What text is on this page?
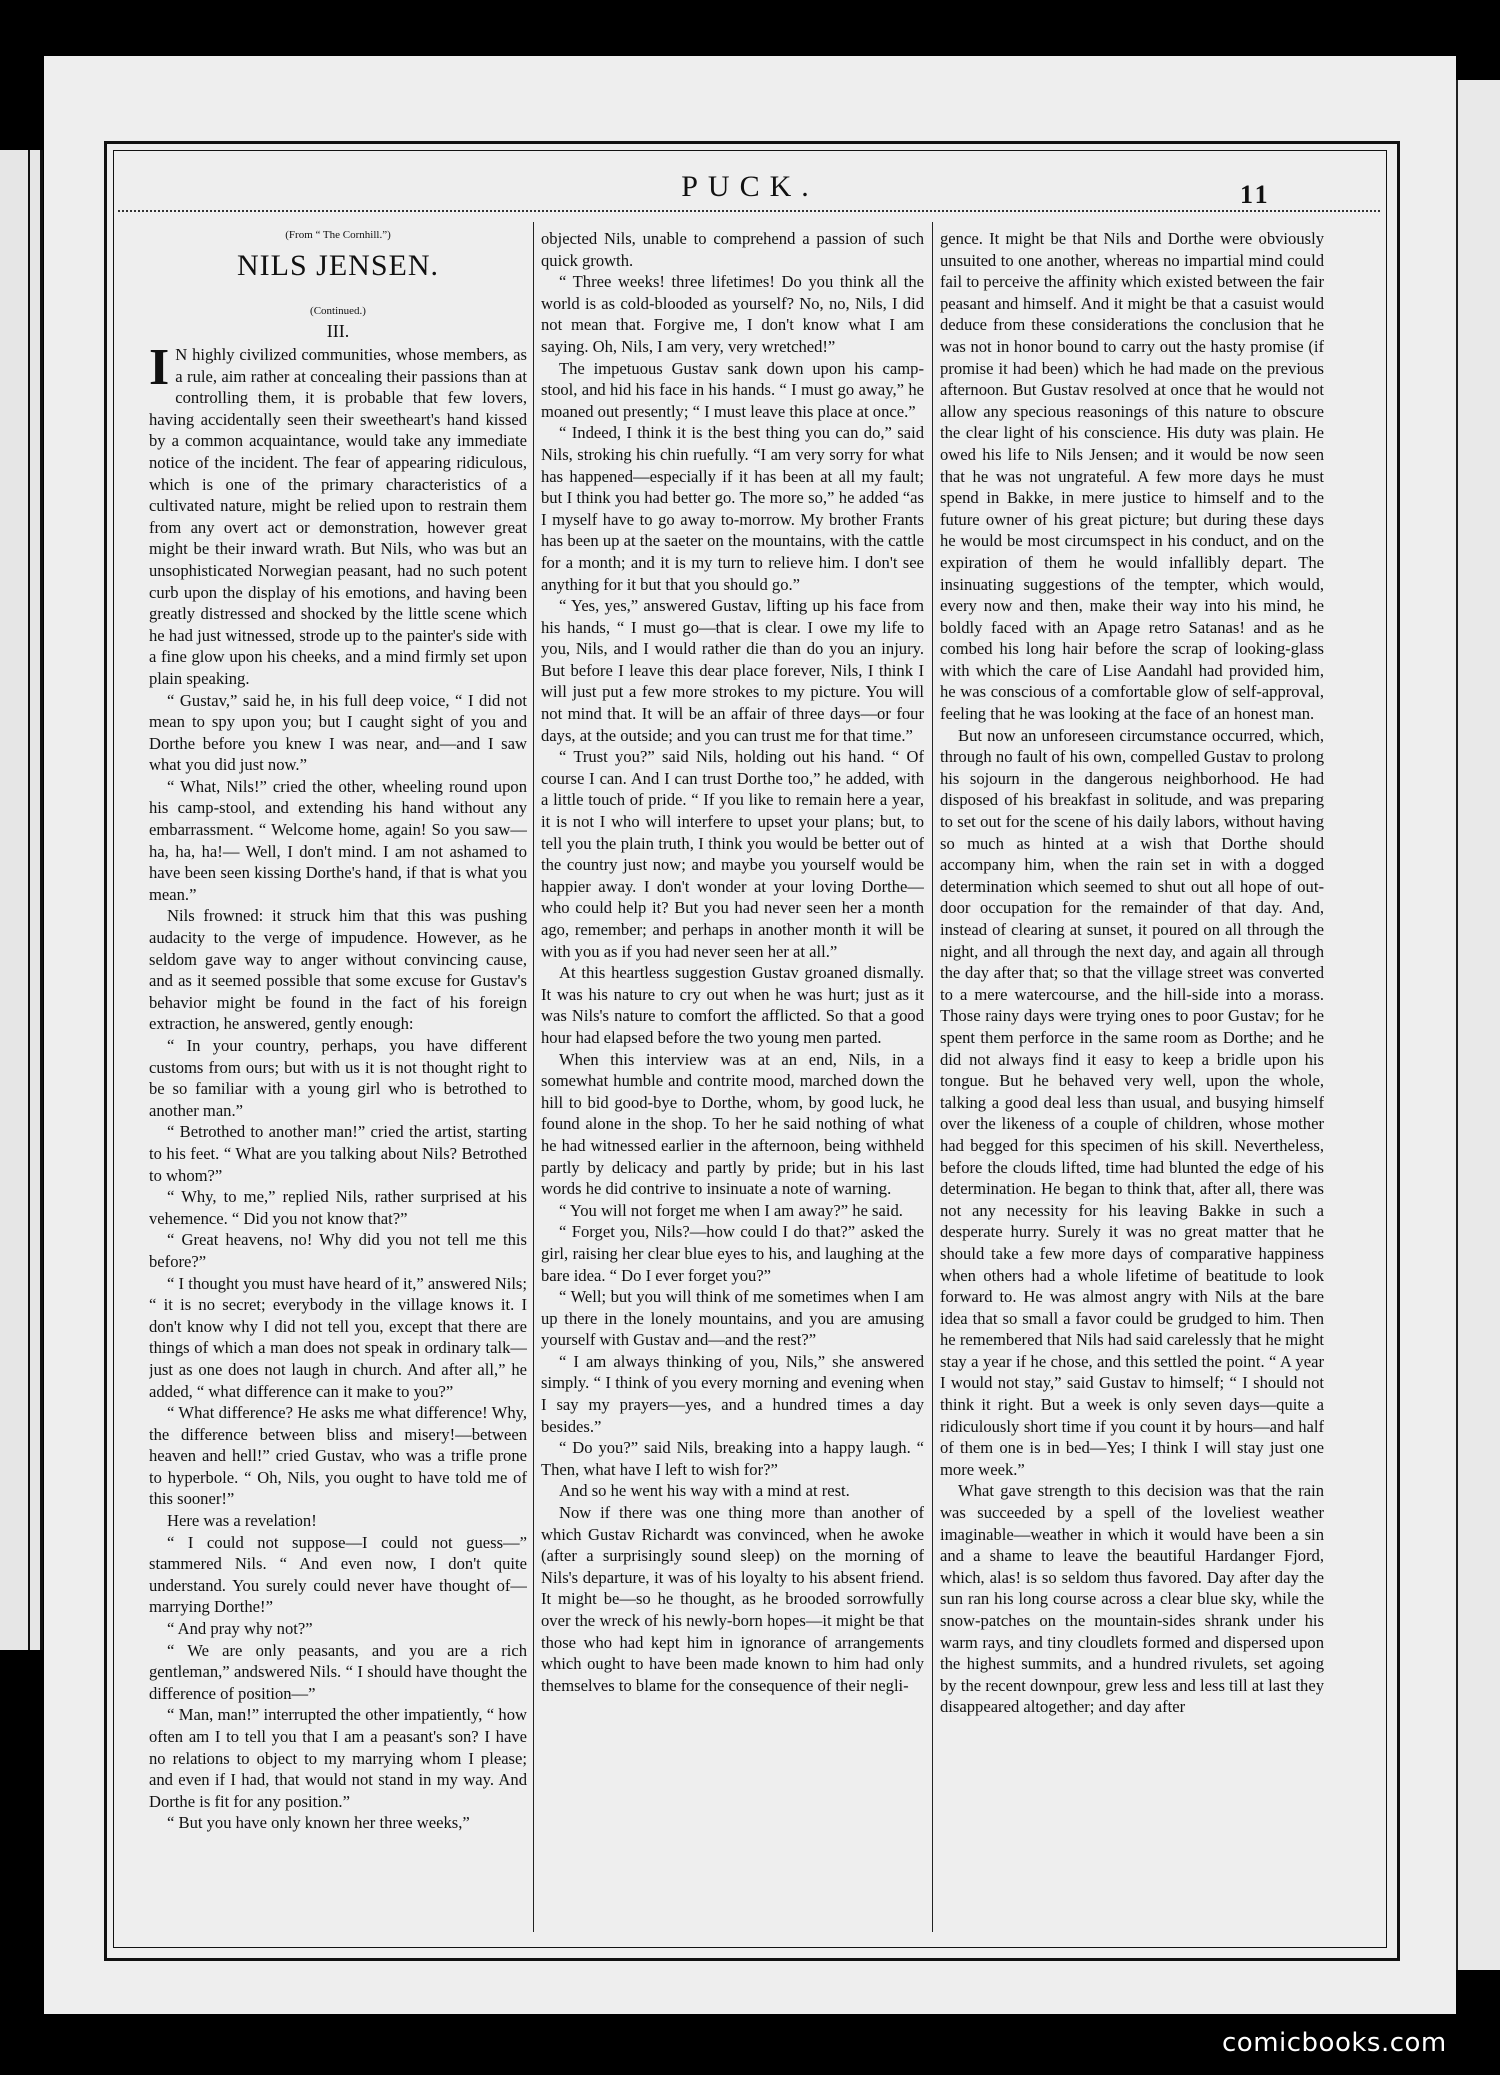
PUCK.	11
(From “ The Cornhill.”)
NILS JENSEN.
(Continued.)
III.

I N highly civilized communities, whose members, as a rule, aim rather at concealing their passions than at controlling them, it is probable that few lovers, having accidentally seen their sweetheart's hand kissed by a common acquaintance, would take any immediate notice of the incident. The fear of appearing ridiculous, which is one of the primary characteristics of a cultivated nature, might be relied upon to restrain them from any overt act or demonstration, however great might be their inward wrath. But Nils, who was but an unsophisticated Norwegian peasant, had no such potent curb upon the display of his emotions, and having been greatly distressed and shocked by the little scene which he had just witnessed, strode up to the painter's side with a fine glow upon his cheeks, and a mind firmly set upon plain speaking.

“ Gustav,” said he, in his full deep voice, “ I did not mean to spy upon you; but I caught sight of you and Dorthe before you knew I was near, and—and I saw what you did just now.”

“ What, Nils!” cried the other, wheeling round upon his camp-stool, and extending his hand without any embarrassment. “ Welcome home, again! So you saw—ha, ha, ha!— Well, I don't mind. I am not ashamed to have been seen kissing Dorthe's hand, if that is what you mean.”

Nils frowned: it struck him that this was pushing audacity to the verge of impudence. However, as he seldom gave way to anger without convincing cause, and as it seemed possible that some excuse for Gustav's behavior might be found in the fact of his foreign extraction, he answered, gently enough:

“ In your country, perhaps, you have different customs from ours; but with us it is not thought right to be so familiar with a young girl who is betrothed to another man.”

“ Betrothed to another man!” cried the artist, starting to his feet. “ What are you talking about Nils? Betrothed to whom?”

“ Why, to me,” replied Nils, rather surprised at his vehemence. “ Did you not know that?”

“ Great heavens, no! Why did you not tell me this before?”

“ I thought you must have heard of it,” answered Nils; “ it is no secret; everybody in the village knows it. I don't know why I did not tell you, except that there are things of which a man does not speak in ordinary talk—just as one does not laugh in church. And after all,” he added, “ what difference can it make to you?”

“ What difference? He asks me what difference! Why, the difference between bliss and misery!—between heaven and hell!” cried Gustav, who was a trifle prone to hyperbole. “ Oh, Nils, you ought to have told me of this sooner!”

Here was a revelation!

“ I could not suppose—I could not guess—” stammered Nils. “ And even now, I don't quite understand. You surely could never have thought of—marrying Dorthe!”

“ And pray why not?”

“ We are only peasants, and you are a rich gentleman,” andswered Nils. “ I should have thought the difference of position—”

“ Man, man!” interrupted the other impatiently, “ how often am I to tell you that I am a peasant's son? I have no relations to object to my marrying whom I please; and even if I had, that would not stand in my way. And Dorthe is fit for any position.”

“ But you have only known her three weeks,”

objected Nils, unable to comprehend a passion of such quick growth.

“ Three weeks! three lifetimes! Do you think all the world is as cold-blooded as yourself? No, no, Nils, I did not mean that. Forgive me, I don't know what I am saying. Oh, Nils, I am very, very wretched!”

The impetuous Gustav sank down upon his camp-stool, and hid his face in his hands. “ I must go away,” he moaned out presently; “ I must leave this place at once.”

“ Indeed, I think it is the best thing you can do,” said Nils, stroking his chin ruefully. “I am very sorry for what has happened—especially if it has been at all my fault; but I think you had better go. The more so,” he added “as I myself have to go away to-morrow. My brother Frants has been up at the saeter on the mountains, with the cattle for a month; and it is my turn to relieve him. I don't see anything for it but that you should go.”

“ Yes, yes,” answered Gustav, lifting up his face from his hands, “ I must go—that is clear. I owe my life to you, Nils, and I would rather die than do you an injury. But before I leave this dear place forever, Nils, I think I will just put a few more strokes to my picture. You will not mind that. It will be an affair of three days—or four days, at the outside; and you can trust me for that time.”

“ Trust you?” said Nils, holding out his hand. “ Of course I can. And I can trust Dorthe too,” he added, with a little touch of pride. “ If you like to remain here a year, it is not I who will interfere to upset your plans; but, to tell you the plain truth, I think you would be better out of the country just now; and maybe you yourself would be happier away. I don't wonder at your loving Dorthe—who could help it? But you had never seen her a month ago, remember; and perhaps in another month it will be with you as if you had never seen her at all.”

At this heartless suggestion Gustav groaned dismally. It was his nature to cry out when he was hurt; just as it was Nils's nature to comfort the afflicted. So that a good hour had elapsed before the two young men parted.

When this interview was at an end, Nils, in a somewhat humble and contrite mood, marched down the hill to bid good-bye to Dorthe, whom, by good luck, he found alone in the shop. To her he said nothing of what he had witnessed earlier in the afternoon, being withheld partly by delicacy and partly by pride; but in his last words he did contrive to insinuate a note of warning.

“ You will not forget me when I am away?” he said.

“ Forget you, Nils?—how could I do that?” asked the girl, raising her clear blue eyes to his, and laughing at the bare idea. “ Do I ever forget you?”

“ Well; but you will think of me sometimes when I am up there in the lonely mountains, and you are amusing yourself with Gustav and—and the rest?”

“ I am always thinking of you, Nils,” she answered simply. “ I think of you every morning and evening when I say my prayers—yes, and a hundred times a day besides.”

“ Do you?” said Nils, breaking into a happy laugh. “ Then, what have I left to wish for?”

And so he went his way with a mind at rest.

Now if there was one thing more than another of which Gustav Richardt was convinced, when he awoke (after a surprisingly sound sleep) on the morning of Nils's departure, it was of his loyalty to his absent friend. It might be—so he thought, as he brooded sorrowfully over the wreck of his newly-born hopes—it might be that those who had kept him in ignorance of arrangements which ought to have been made known to him had only themselves to blame for the consequence of their negli-

gence. It might be that Nils and Dorthe were obviously unsuited to one another, whereas no impartial mind could fail to perceive the affinity which existed between the fair peasant and himself. And it might be that a casuist would deduce from these considerations the conclusion that he was not in honor bound to carry out the hasty promise (if promise it had been) which he had made on the previous afternoon. But Gustav resolved at once that he would not allow any specious reasonings of this nature to obscure the clear light of his conscience. His duty was plain. He owed his life to Nils Jensen; and it would be now seen that he was not ungrateful. A few more days he must spend in Bakke, in mere justice to himself and to the future owner of his great picture; but during these days he would be most circumspect in his conduct, and on the expiration of them he would infallibly depart. The insinuating suggestions of the tempter, which would, every now and then, make their way into his mind, he boldly faced with an Apage retro Satanas! and as he combed his long hair before the scrap of looking-glass with which the care of Lise Aandahl had provided him, he was conscious of a comfortable glow of self-approval, feeling that he was looking at the face of an honest man.

But now an unforeseen circumstance occurred, which, through no fault of his own, compelled Gustav to prolong his sojourn in the dangerous neighborhood. He had disposed of his breakfast in solitude, and was preparing to set out for the scene of his daily labors, without having so much as hinted at a wish that Dorthe should accompany him, when the rain set in with a dogged determination which seemed to shut out all hope of out-door occupation for the remainder of that day. And, instead of clearing at sunset, it poured on all through the night, and all through the next day, and again all through the day after that; so that the village street was converted to a mere watercourse, and the hill-side into a morass. Those rainy days were trying ones to poor Gustav; for he spent them perforce in the same room as Dorthe; and he did not always find it easy to keep a bridle upon his tongue. But he behaved very well, upon the whole, talking a good deal less than usual, and busying himself over the likeness of a couple of children, whose mother had begged for this specimen of his skill. Nevertheless, before the clouds lifted, time had blunted the edge of his determination. He began to think that, after all, there was not any necessity for his leaving Bakke in such a desperate hurry. Surely it was no great matter that he should take a few more days of comparative happiness when others had a whole lifetime of beatitude to look forward to. He was almost angry with Nils at the bare idea that so small a favor could be grudged to him. Then he remembered that Nils had said carelessly that he might stay a year if he chose, and this settled the point. “ A year I would not stay,” said Gustav to himself; “ I should not think it right. But a week is only seven days—quite a ridiculously short time if you count it by hours—and half of them one is in bed—Yes; I think I will stay just one more week.”

What gave strength to this decision was that the rain was succeeded by a spell of the loveliest weather imaginable—weather in which it would have been a sin and a shame to leave the beautiful Hardanger Fjord, which, alas! is so seldom thus favored. Day after day the sun ran his long course across a clear blue sky, while the snow-patches on the mountain-sides shrank under his warm rays, and tiny cloudlets formed and dispersed upon the highest summits, and a hundred rivulets, set agoing by the recent downpour, grew less and less till at last they disappeared altogether; and day after

comicbooks.com
